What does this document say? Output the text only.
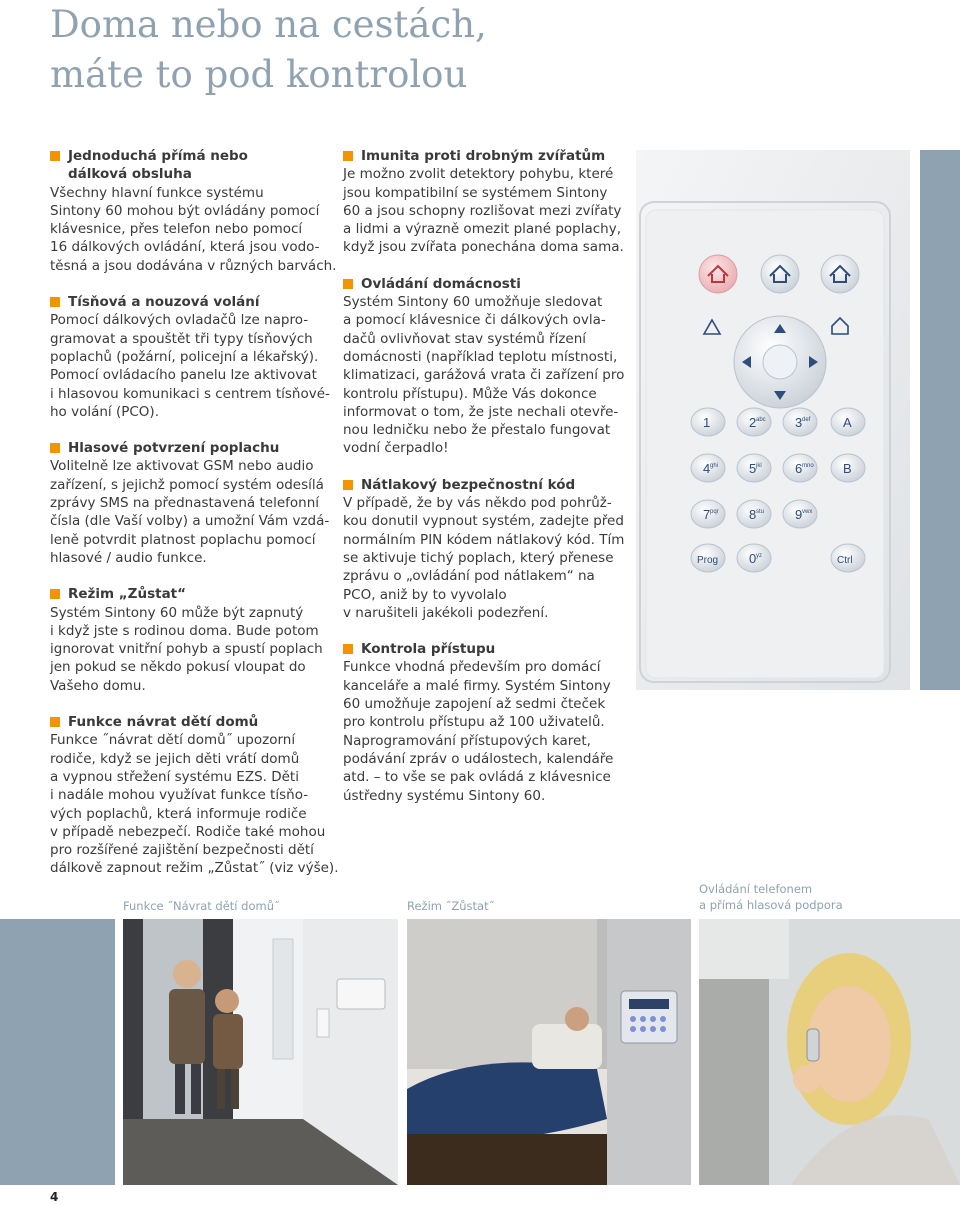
Doma nebo na cestách,
máte to pod kontrolou
Jednoduchá přímá nebo
dálková obsluha
Všechny hlavní funkce systému
Sintony 60 mohou být ovládány pomocí
klávesnice, přes telefon nebo pomocí
16 dálkových ovládání, která jsou vodo-
těsná a jsou dodávána v různých barvách.
Tísňová a nouzová volání
Pomocí dálkových ovladačů lze napro-
gramovat a spouštět tři typy tísňových
poplachů (požární, policejní a lékařský).
Pomocí ovládacího panelu lze aktivovat
i hlasovou komunikaci s centrem tísňové-
ho volání (PCO).
Hlasové potvrzení poplachu
Volitelně lze aktivovat GSM nebo audio
zařízení, s jejichž pomocí systém odesílá
zprávy SMS na přednastavená telefonní
čísla (dle Vaší volby) a umožní Vám vzdá-
leně potvrdit platnost poplachu pomocí
hlasové / audio funkce.
Režim „Zůstat“
Systém Sintony 60 může být zapnutý
i když jste s rodinou doma. Bude potom
ignorovat vnitřní pohyb a spustí poplach
jen pokud se někdo pokusí vloupat do
Vašeho domu.
Funkce návrat dětí domů
Funkce ˝návrat dětí domů˝ upozorní
rodiče, když se jejich děti vrátí domů
a vypnou střežení systému EZS. Děti
i nadále mohou využívat funkce tísňo-
vých poplachů, která informuje rodiče
v případě nebezpečí. Rodiče také mohou
pro rozšířené zajištění bezpečnosti dětí
dálkově zapnout režim „Zůstat˝ (viz výše).
Imunita proti drobným zvířatům
Je možno zvolit detektory pohybu, které
jsou kompatibilní se systémem Sintony
60 a jsou schopny rozlišovat mezi zvířaty
a lidmi a výrazně omezit plané poplachy,
když jsou zvířata ponechána doma sama.
Ovládání domácnosti
Systém Sintony 60 umožňuje sledovat
a pomocí klávesnice či dálkových ovla-
dačů ovlivňovat stav systémů řízení
domácnosti (například teplotu místnosti,
klimatizaci, garážová vrata či zařízení pro
kontrolu přístupu). Může Vás dokonce
informovat o tom, že jste nechali otevře-
nou ledničku nebo že přestalo fungovat
vodní čerpadlo!
Nátlakový bezpečnostní kód
V případě, že by vás někdo pod pohrůž-
kou donutil vypnout systém, zadejte před
normálním PIN kódem nátlakový kód. Tím
se aktivuje tichý poplach, který přenese
zprávu o „ovládání pod nátlakem“ na
PCO, aniž by to vyvolalo
v narušiteli jakékoli podezření.
Kontrola přístupu
Funkce vhodná především pro domácí
kanceláře a malé firmy. Systém Sintony
60 umožňuje zapojení až sedmi čteček
pro kontrolu přístupu až 100 uživatelů.
Naprogramování přístupových karet,
podávání zpráv o událostech, kalendáře
atd. – to vše se pak ovládá z klávesnice
ústředny systému Sintony 60.
1	2 abc 3 def	A
4 ghi 5 jkl	6 mno B
7 pqr 8 stu 9 vwx
Prog 0 yz	Ctrl
Funkce ˝Návrat dětí domů˝	Režim ˝Zůstat˝
Ovládání telefonem
a přímá hlasová podpora
4
